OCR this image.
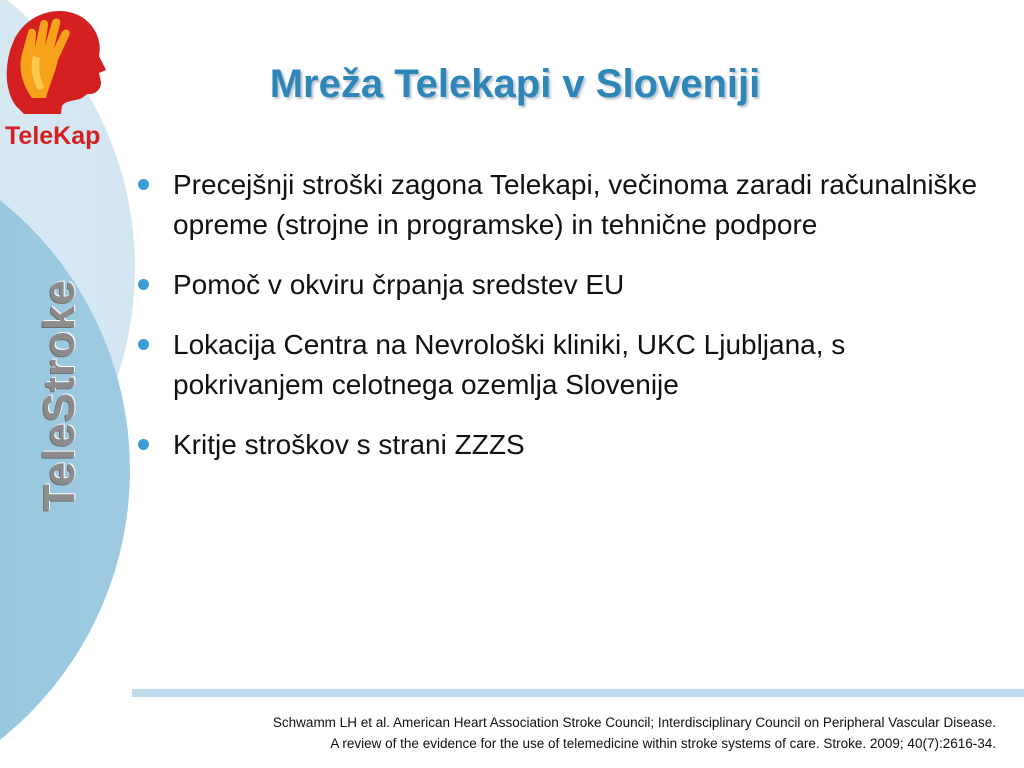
TeleKap
TeleStroke
Mreža Telekapi v Sloveniji
Precejšnji stroški zagona Telekapi, večinoma zaradi računalniške opreme (strojne in programske) in tehnične podpore
Pomoč v okviru črpanja sredstev EU
Lokacija Centra na Nevrološki kliniki, UKC Ljubljana, s pokrivanjem celotnega ozemlja Slovenije
Kritje stroškov s strani ZZZS
Schwamm LH et al. American Heart Association Stroke Council; Interdisciplinary Council on Peripheral Vascular Disease.
A review of the evidence for the use of telemedicine within stroke systems of care. Stroke. 2009; 40(7):2616-34.
